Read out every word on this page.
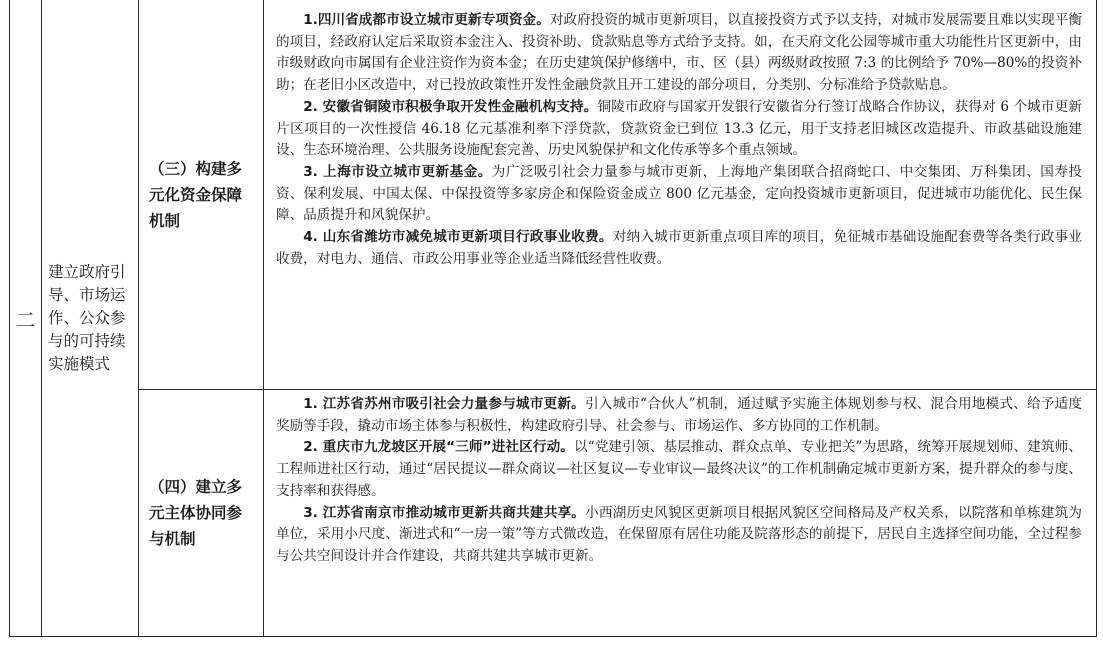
二
建立政府引导、市场运作、公众参与的可持续实施模式
（三）构建多元化资金保障机制

1.四川省成都市设立城市更新专项资金。对政府投资的城市更新项目，以直接投资方式予以支持，对城市发展需要且难以实现平衡的项目，经政府认定后采取资本金注入、投资补助、贷款贴息等方式给予支持。如，在天府文化公园等城市重大功能性片区更新中，由市级财政向市属国有企业注资作为资本金；在历史建筑保护修缮中，市、区（县）两级财政按照 7:3 的比例给予 70%—80%的投资补助；在老旧小区改造中，对已投放政策性开发性金融贷款且开工建设的部分项目，分类别、分标准给予贷款贴息。

2. 安徽省铜陵市积极争取开发性金融机构支持。铜陵市政府与国家开发银行安徽省分行签订战略合作协议，获得对 6 个城市更新片区项目的一次性授信 46.18 亿元基准利率下浮贷款，贷款资金已到位 13.3 亿元，用于支持老旧城区改造提升、市政基础设施建设、生态环境治理、公共服务设施配套完善、历史风貌保护和文化传承等多个重点领域。

3. 上海市设立城市更新基金。为广泛吸引社会力量参与城市更新，上海地产集团联合招商蛇口、中交集团、万科集团、国寿投资、保利发展、中国太保、中保投资等多家房企和保险资金成立 800 亿元基金，定向投资城市更新项目，促进城市功能优化、民生保障、品质提升和风貌保护。

4. 山东省潍坊市减免城市更新项目行政事业收费。对纳入城市更新重点项目库的项目，免征城市基础设施配套费等各类行政事业收费，对电力、通信、市政公用事业等企业适当降低经营性收费。

（四）建立多元主体协同参与机制

1. 江苏省苏州市吸引社会力量参与城市更新。引入城市“合伙人”机制，通过赋予实施主体规划参与权、混合用地模式、给予适度奖励等手段，撬动市场主体参与积极性，构建政府引导、社会参与、市场运作、多方协同的工作机制。

2. 重庆市九龙坡区开展“三师”进社区行动。以“党建引领、基层推动、群众点单、专业把关”为思路，统筹开展规划师、建筑师、工程师进社区行动，通过“居民提议—群众商议—社区复议—专业审议—最终决议”的工作机制确定城市更新方案，提升群众的参与度、支持率和获得感。

3. 江苏省南京市推动城市更新共商共建共享。小西湖历史风貌区更新项目根据风貌区空间格局及产权关系，以院落和单栋建筑为单位，采用小尺度、渐进式和“一房一策”等方式微改造，在保留原有居住功能及院落形态的前提下，居民自主选择空间功能，全过程参与公共空间设计并合作建设，共商共建共享城市更新。
